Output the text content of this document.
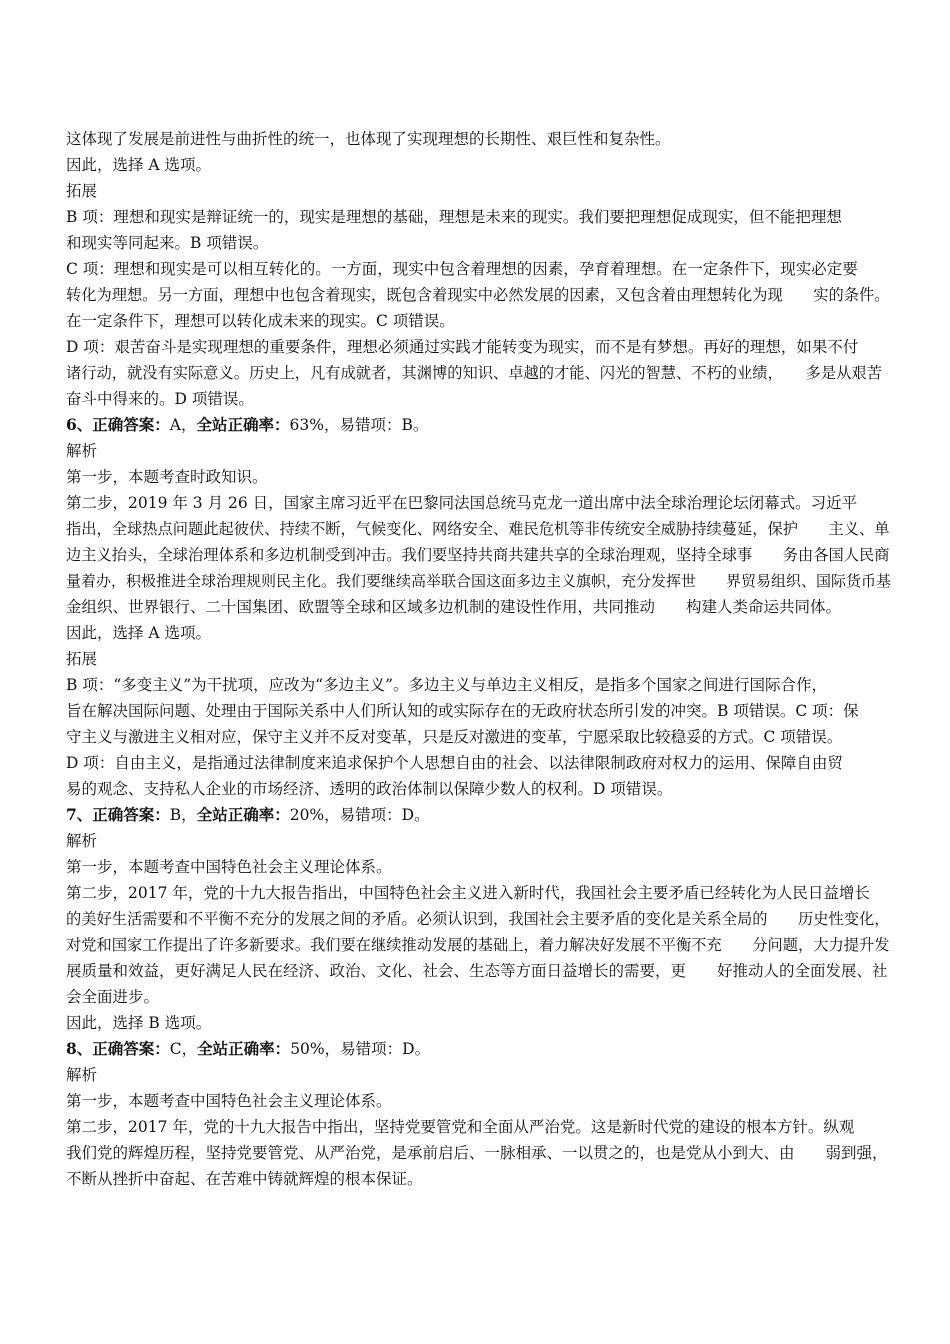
这体现了发展是前进性与曲折性的统一，也体现了实现理想的长期性、艰巨性和复杂性。
因此，选择 A 选项。
拓展
B 项：理想和现实是辩证统一的，现实是理想的基础，理想是未来的现实。我们要把理想促成现实，但不能把理想
和现实等同起来。B 项错误。
C 项：理想和现实是可以相互转化的。一方面，现实中包含着理想的因素，孕育着理想。在一定条件下，现实必定要
转化为理想。另一方面，理想中也包含着现实，既包含着现实中必然发展的因素，又包含着由理想转化为现　　实的条件。
在一定条件下，理想可以转化成未来的现实。C 项错误。
D 项：艰苦奋斗是实现理想的重要条件，理想必须通过实践才能转变为现实，而不是有梦想。再好的理想，如果不付
诸行动，就没有实际意义。历史上，凡有成就者，其渊博的知识、卓越的才能、闪光的智慧、不朽的业绩，　　多是从艰苦
奋斗中得来的。D 项错误。
6、正确答案：A，全站正确率：63%，易错项：B。
解析
第一步，本题考查时政知识。
第二步，2019 年 3 月 26 日，国家主席习近平在巴黎同法国总统马克龙一道出席中法全球治理论坛闭幕式。习近平
指出，全球热点问题此起彼伏、持续不断，气候变化、网络安全、难民危机等非传统安全威胁持续蔓延，保护　　主义、单
边主义抬头，全球治理体系和多边机制受到冲击。我们要坚持共商共建共享的全球治理观，坚持全球事　　务由各国人民商
量着办，积极推进全球治理规则民主化。我们要继续高举联合国这面多边主义旗帜，充分发挥世　　界贸易组织、国际货币基
金组织、世界银行、二十国集团、欧盟等全球和区域多边机制的建设性作用，共同推动　　构建人类命运共同体。
因此，选择 A 选项。
拓展
B 项：“多变主义”为干扰项，应改为“多边主义”。多边主义与单边主义相反，是指多个国家之间进行国际合作，
旨在解决国际问题、处理由于国际关系中人们所认知的或实际存在的无政府状态所引发的冲突。B 项错误。C 项：保
守主义与激进主义相对应，保守主义并不反对变革，只是反对激进的变革，宁愿采取比较稳妥的方式。C 项错误。
D 项：自由主义，是指通过法律制度来追求保护个人思想自由的社会、以法律限制政府对权力的运用、保障自由贸
易的观念、支持私人企业的市场经济、透明的政治体制以保障少数人的权利。D 项错误。
7、正确答案：B，全站正确率：20%，易错项：D。
解析
第一步，本题考查中国特色社会主义理论体系。
第二步，2017 年，党的十九大报告指出，中国特色社会主义进入新时代，我国社会主要矛盾已经转化为人民日益增长
的美好生活需要和不平衡不充分的发展之间的矛盾。必须认识到，我国社会主要矛盾的变化是关系全局的　　历史性变化，
对党和国家工作提出了许多新要求。我们要在继续推动发展的基础上，着力解决好发展不平衡不充　　分问题，大力提升发
展质量和效益，更好满足人民在经济、政治、文化、社会、生态等方面日益增长的需要，更　　好推动人的全面发展、社
会全面进步。
因此，选择 B 选项。
8、正确答案：C，全站正确率：50%，易错项：D。
解析
第一步，本题考查中国特色社会主义理论体系。
第二步，2017 年，党的十九大报告中指出，坚持党要管党和全面从严治党。这是新时代党的建设的根本方针。纵观
我们党的辉煌历程，坚持党要管党、从严治党，是承前启后、一脉相承、一以贯之的，也是党从小到大、由　　弱到强，
不断从挫折中奋起、在苦难中铸就辉煌的根本保证。
